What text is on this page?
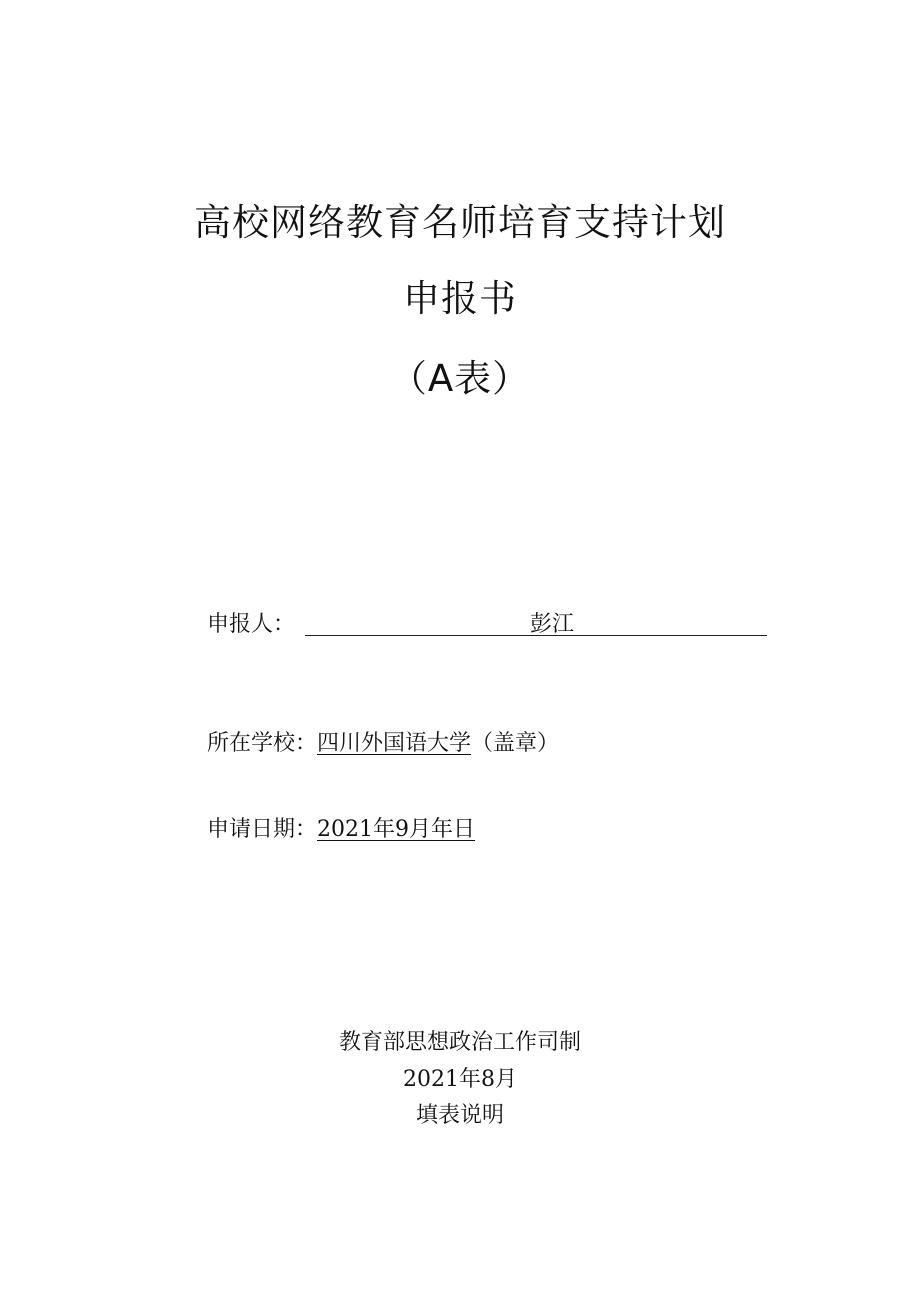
高校网络教育名师培育支持计划
申报书
（A表）
申报人：	彭江
所在学校：四川外国语大学（盖章）
申请日期：2021年9月年日
教育部思想政治工作司制
2021年8月
填表说明
